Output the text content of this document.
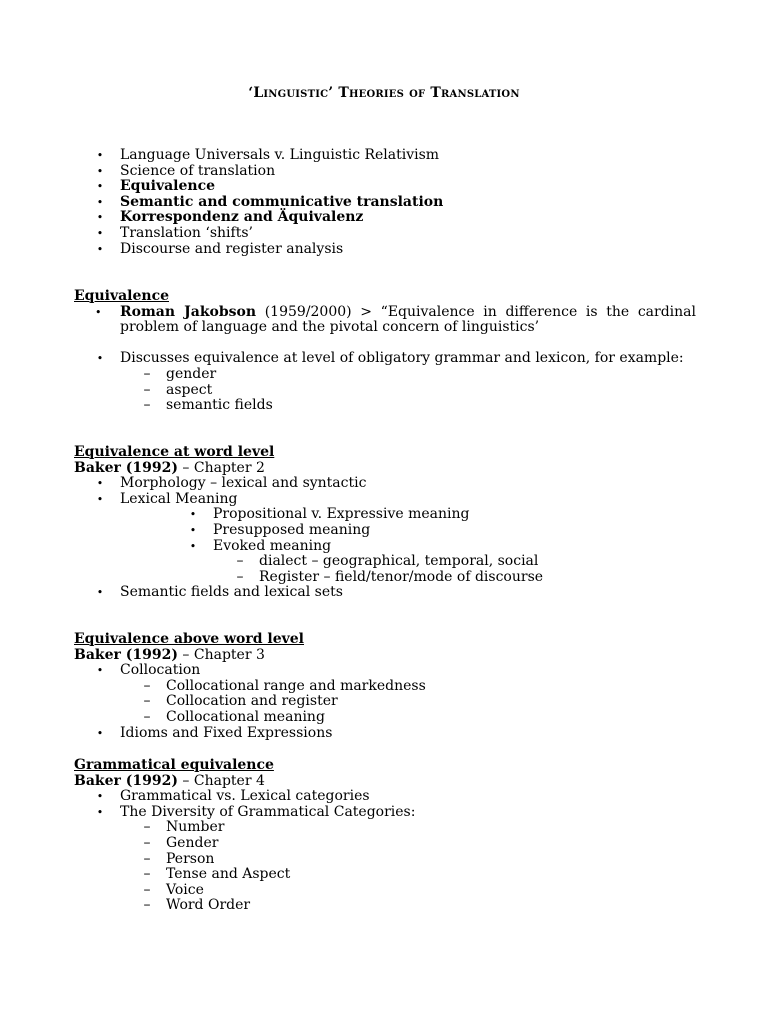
‘Linguistic’ Theories of Translation
• Language Universals v. Linguistic Relativism
• Science of translation
• Equivalence
• Semantic and communicative translation
• Korrespondenz and Äquivalenz
• Translation ‘shifts’
• Discourse and register analysis
Equivalence
• Roman Jakobson (1959/2000) > “Equivalence in difference is the cardinal problem of language and the pivotal concern of linguistics’
• Discusses equivalence at level of obligatory grammar and lexicon, for example:
– gender
– aspect
– semantic fields
Equivalence at word level
Baker (1992) – Chapter 2
• Morphology – lexical and syntactic
• Lexical Meaning
• Propositional v. Expressive meaning
• Presupposed meaning
• Evoked meaning
– dialect – geographical, temporal, social
– Register – field/tenor/mode of discourse
• Semantic fields and lexical sets
Equivalence above word level
Baker (1992) – Chapter 3
• Collocation
– Collocational range and markedness
– Collocation and register
– Collocational meaning
• Idioms and Fixed Expressions
Grammatical equivalence
Baker (1992) – Chapter 4
• Grammatical vs. Lexical categories
• The Diversity of Grammatical Categories:
– Number
– Gender
– Person
– Tense and Aspect
– Voice
– Word Order
